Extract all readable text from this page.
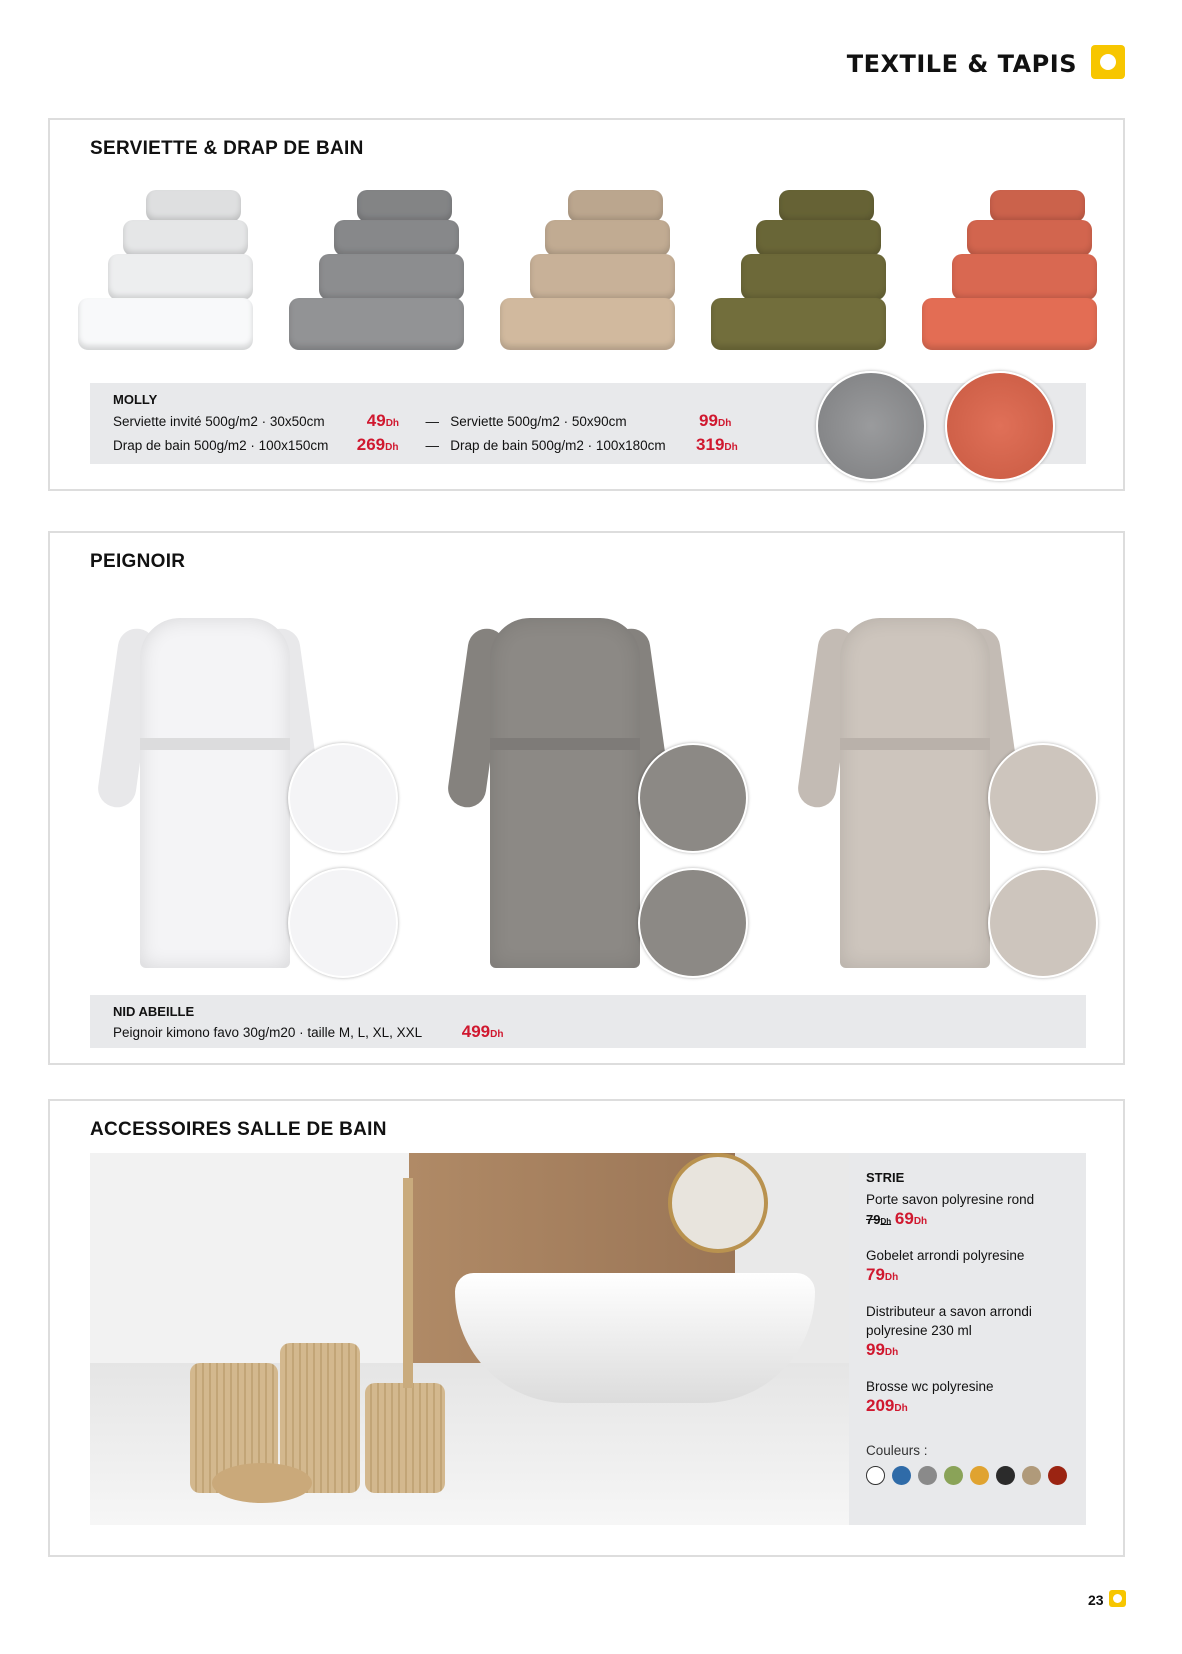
TEXTILE & TAPIS
SERVIETTE & DRAP DE BAIN
MOLLY
Serviette invité 500g/m2 · 30x50cm 49Dh —   Serviette 500g/m2 · 50x90cm	99Dh
Drap de bain 500g/m2 · 100x150cm 269Dh —   Drap de bain 500g/m2 · 100x180cm 319Dh
PEIGNOIR
NID ABEILLE
Peignoir kimono favo 30g/m20 · taille M, L, XL, XXL 499Dh
ACCESSOIRES SALLE DE BAIN
STRIE
Porte savon polyresine rond
79Dh 69Dh
Gobelet arrondi polyresine
79Dh
Distributeur a savon arrondi polyresine 230 ml
99Dh
Brosse wc polyresine
209Dh
Couleurs :
23
